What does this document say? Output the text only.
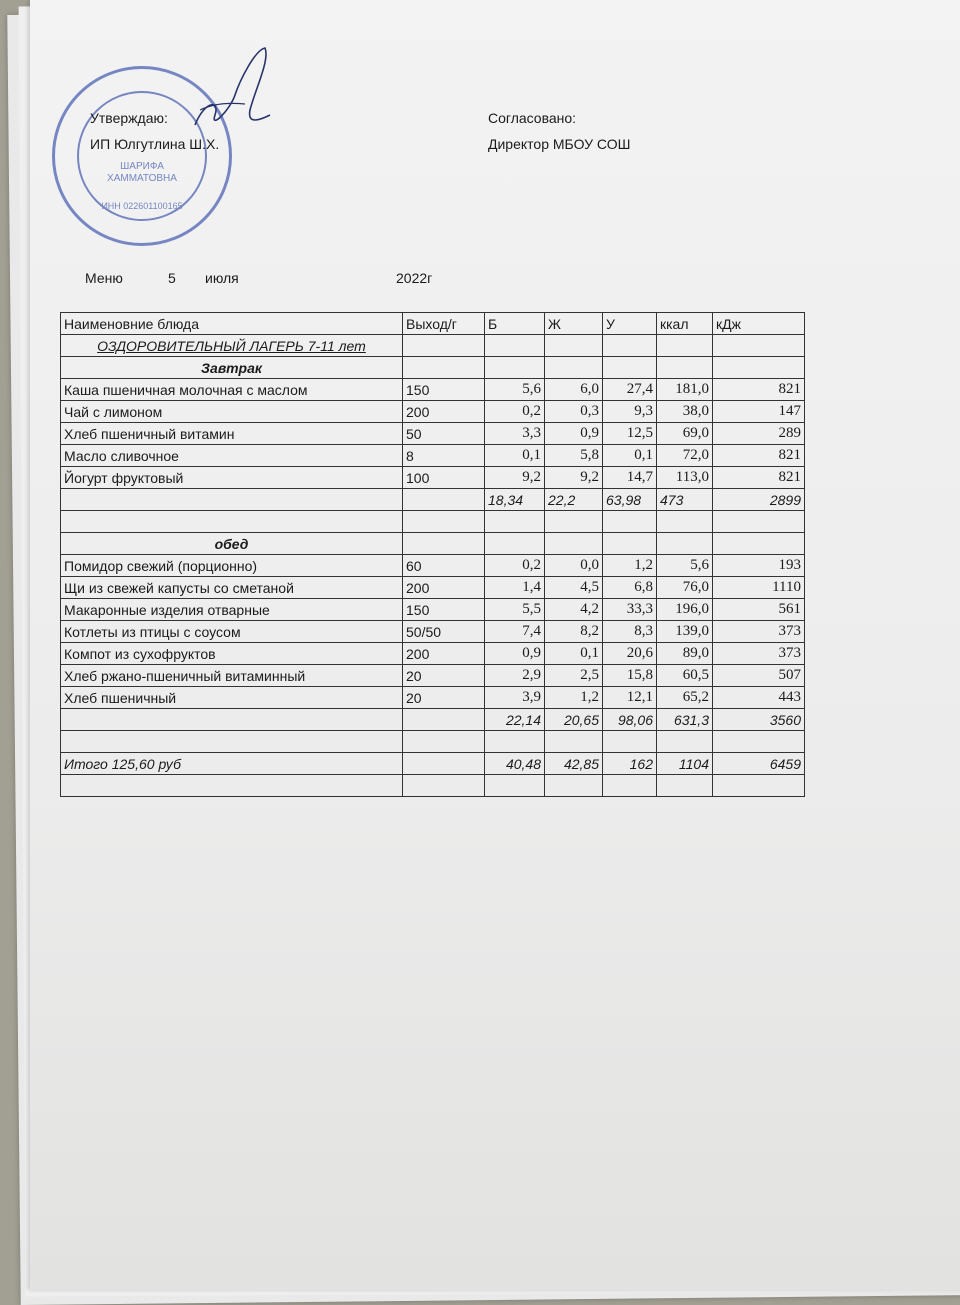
ШАРИФА
ХАММАТОВНА
ИНН 022601100165
Утверждаю:
ИП Юлгутлина Ш.Х.
Согласовано:
Директор МБОУ СОШ
Меню	5 июля	2022г
Наименовние блюда	Выход/г	Б	Ж	У	ккал	кДж
ОЗДОРОВИТЕЛЬНЫЙ ЛАГЕРЬ 7-11 лет						
Завтрак						
Каша пшеничная молочная с маслом	150	5,6	6,0	27,4	181,0	821
Чай с лимоном	200	0,2	0,3	9,3	38,0	147
Хлеб пшеничный витамин	50	3,3	0,9	12,5	69,0	289
Масло сливочное	8	0,1	5,8	0,1	72,0	821
Йогурт фруктовый	100	9,2	9,2	14,7	113,0	821
		18,34	22,2	63,98	473	2899

обед						
Помидор свежий (порционно)	60	0,2	0,0	1,2	5,6	193
Щи из свежей капусты со сметаной	200	1,4	4,5	6,8	76,0	1110
Макаронные изделия отварные	150	5,5	4,2	33,3	196,0	561
Котлеты из птицы с соусом	50/50	7,4	8,2	8,3	139,0	373
Компот из сухофруктов	200	0,9	0,1	20,6	89,0	373
Хлеб ржано-пшеничный витаминный	20	2,9	2,5	15,8	60,5	507
Хлеб пшеничный	20	3,9	1,2	12,1	65,2	443
		22,14	20,65	98,06	631,3	3560

Итого 125,60 руб		40,48	42,85	162	1104	6459
